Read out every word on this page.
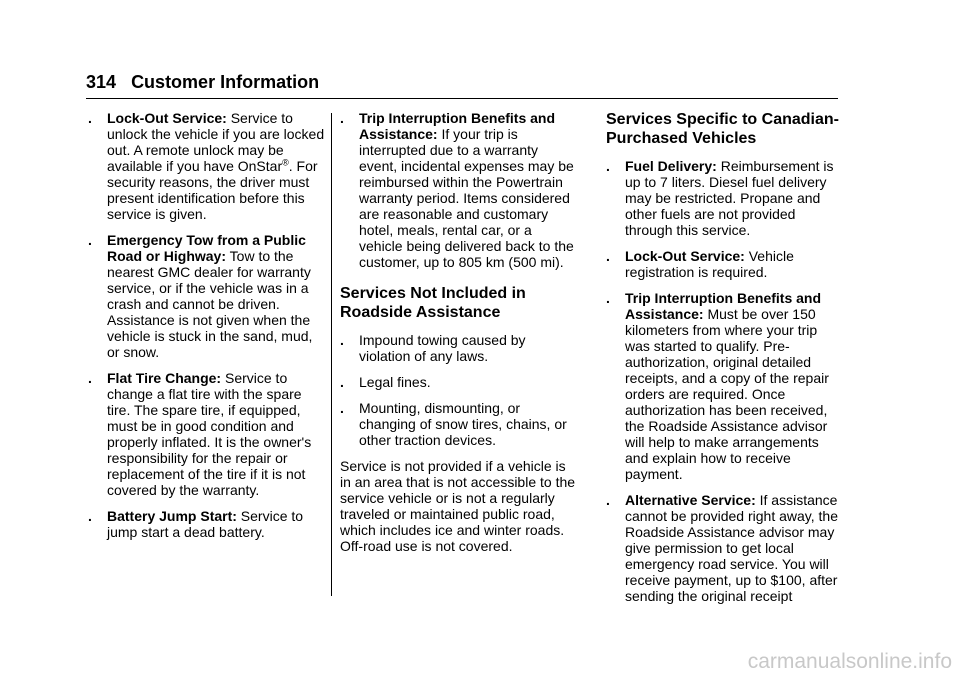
314 Customer Information
.	Lock-Out Service: Service to unlock the vehicle if you are locked out. A remote unlock may be available if you have OnStar®. For security reasons, the driver must present identification before this service is given.
.	Emergency Tow from a Public Road or Highway: Tow to the nearest GMC dealer for warranty service, or if the vehicle was in a crash and cannot be driven. Assistance is not given when the vehicle is stuck in the sand, mud, or snow.
.	Flat Tire Change: Service to change a flat tire with the spare tire. The spare tire, if equipped, must be in good condition and properly inflated. It is the owner's responsibility for the repair or replacement of the tire if it is not covered by the warranty.
.	Battery Jump Start: Service to jump start a dead battery.
.	Trip Interruption Benefits and Assistance: If your trip is interrupted due to a warranty event, incidental expenses may be reimbursed within the Powertrain warranty period. Items considered are reasonable and customary hotel, meals, rental car, or a vehicle being delivered back to the customer, up to 805 km (500 mi).
Services Not Included in Roadside Assistance
.	Impound towing caused by violation of any laws.
.	Legal fines.
.	Mounting, dismounting, or changing of snow tires, chains, or other traction devices.

Service is not provided if a vehicle is in an area that is not accessible to the service vehicle or is not a regularly traveled or maintained public road, which includes ice and winter roads. Off-road use is not covered.

Services Specific to Canadian-Purchased Vehicles
.	Fuel Delivery: Reimbursement is up to 7 liters. Diesel fuel delivery may be restricted. Propane and other fuels are not provided through this service.
.	Lock-Out Service: Vehicle registration is required.
.	Trip Interruption Benefits and Assistance: Must be over 150 kilometers from where your trip was started to qualify. Pre-authorization, original detailed receipts, and a copy of the repair orders are required. Once authorization has been received, the Roadside Assistance advisor will help to make arrangements and explain how to receive payment.
.	Alternative Service: If assistance cannot be provided right away, the Roadside Assistance advisor may give permission to get local emergency road service. You will receive payment, up to $100, after sending the original receipt
carmanualsonline.info
